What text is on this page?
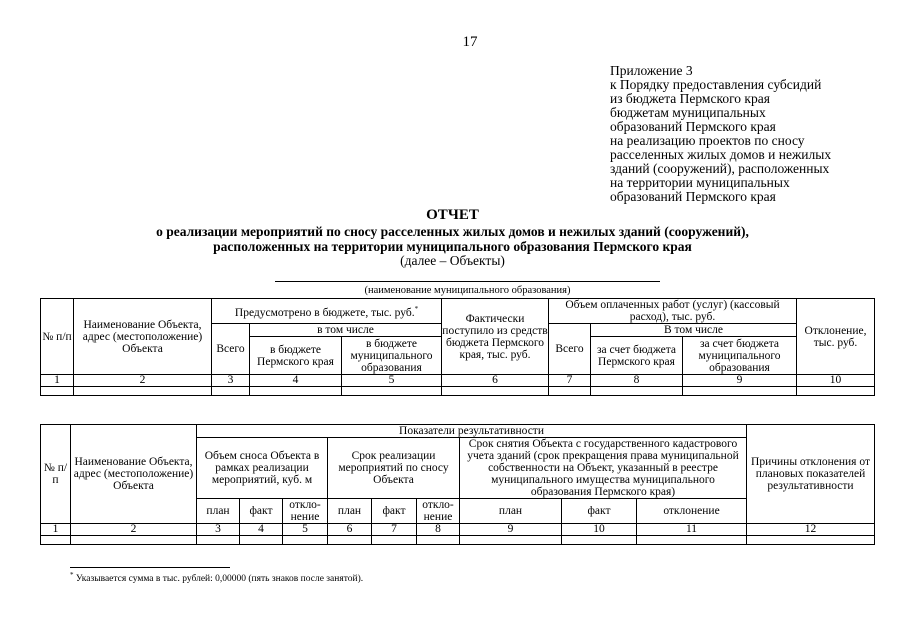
17
Приложение 3
к Порядку предоставления субсидий
из бюджета Пермского края
бюджетам муниципальных
образований Пермского края
на реализацию проектов по сносу
расселенных жилых домов и нежилых
зданий (сооружений), расположенных
на территории муниципальных
образований Пермского края
ОТЧЕТ
о реализации мероприятий по сносу расселенных жилых домов и нежилых зданий (сооружений),
расположенных на территории муниципального образования Пермского края
(далее – Объекты)
(наименование муниципального образования)
№ п/п	Наименование Объекта, адрес (местоположение) Объекта	Предусмотрено в бюджете, тыс. руб.*			Фактически поступило из средств бюджета Пермского края, тыс. руб.	Объем оплаченных работ (услуг) (кассовый расход), тыс. руб.			Отклонение, тыс. руб.
		Всего	в том числе			Всего	В том числе		
			в бюджете Пермского края	в бюджете муниципального образования			за счет бюджета Пермского края	за счет бюджета муниципального образования	
1	2	3	4	5	6	7	8	9	10

№ п/п	Наименование Объекта, адрес (местоположение) Объекта	Показатели результативности									Причины отклонения от плановых показателей результативности
		Объем сноса Объекта в рамках реализации мероприятий, куб. м			Срок реализации мероприятий по сносу Объекта			Срок снятия Объекта с государственного кадастрового учета зданий (срок прекращения права муниципальной собственности на Объект, указанный в реестре муниципального имущества муниципального образования Пермского края)			
		план	факт	откло-нение	план	факт	откло-нение	план	факт	отклонение	
1	2	3	4	5	6	7	8	9	10	11	12

* Указывается сумма в тыс. рублей: 0,00000 (пять знаков после занятой).
